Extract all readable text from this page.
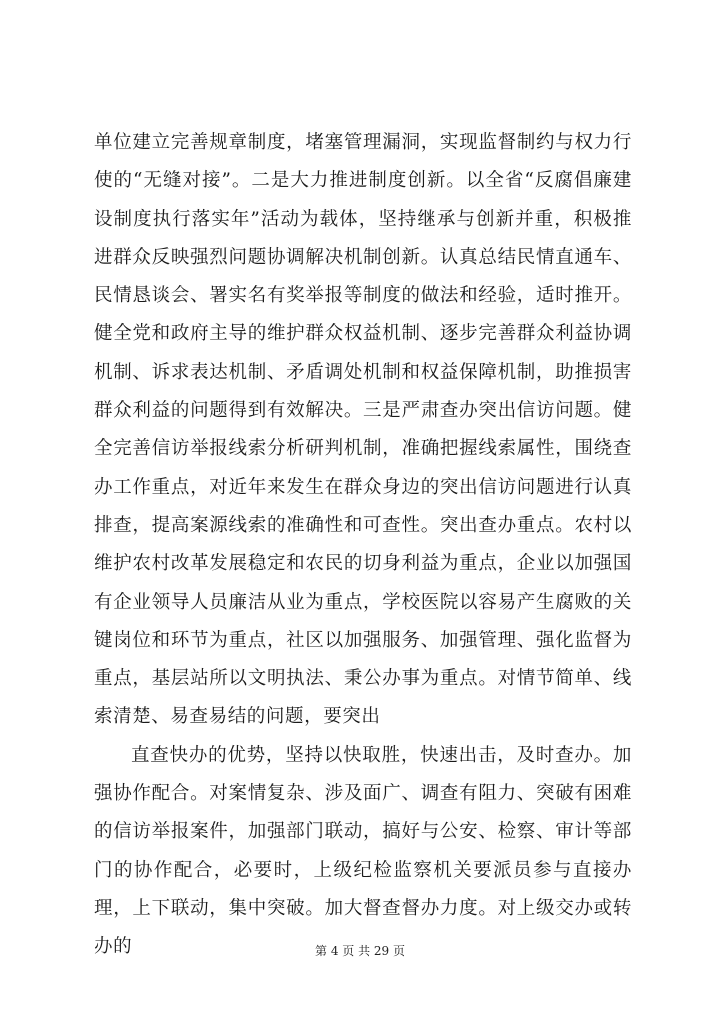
单位建立完善规章制度，堵塞管理漏洞，实现监督制约与权力行使的“无缝对接”。二是大力推进制度创新。以全省“反腐倡廉建设制度执行落实年”活动为载体，坚持继承与创新并重，积极推进群众反映强烈问题协调解决机制创新。认真总结民情直通车、民情恳谈会、署实名有奖举报等制度的做法和经验，适时推开。健全党和政府主导的维护群众权益机制、逐步完善群众利益协调机制、诉求表达机制、矛盾调处机制和权益保障机制，助推损害群众利益的问题得到有效解决。三是严肃查办突出信访问题。健全完善信访举报线索分析研判机制，准确把握线索属性，围绕查办工作重点，对近年来发生在群众身边的突出信访问题进行认真排查，提高案源线索的准确性和可查性。突出查办重点。农村以维护农村改革发展稳定和农民的切身利益为重点，企业以加强国有企业领导人员廉洁从业为重点，学校医院以容易产生腐败的关键岗位和环节为重点，社区以加强服务、加强管理、强化监督为重点，基层站所以文明执法、秉公办事为重点。对情节简单、线索清楚、易查易结的问题，要突出

直查快办的优势，坚持以快取胜，快速出击，及时查办。加强协作配合。对案情复杂、涉及面广、调查有阻力、突破有困难的信访举报案件，加强部门联动，搞好与公安、检察、审计等部门的协作配合，必要时，上级纪检监察机关要派员参与直接办理，上下联动，集中突破。加大督查督办力度。对上级交办或转办的	第 4 页 共 29 页
